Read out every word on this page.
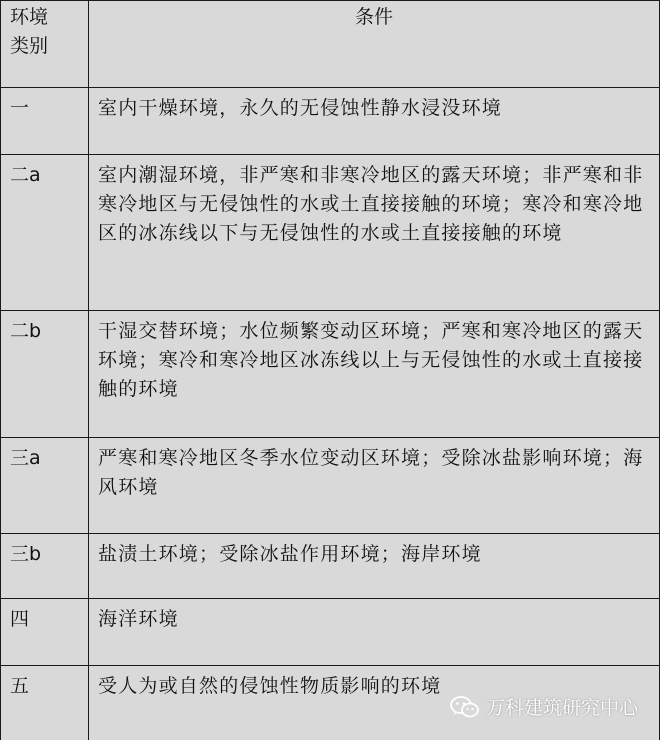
环境
类别	条件
一	室内干燥环境，永久的无侵蚀性静水浸没环境
二a	室内潮湿环境，非严寒和非寒冷地区的露天环境；非严寒和非寒冷地区与无侵蚀性的水或土直接接触的环境；寒冷和寒冷地区的冰冻线以下与无侵蚀性的水或土直接接触的环境
二b	干湿交替环境；水位频繁变动区环境；严寒和寒冷地区的露天环境；寒冷和寒冷地区冰冻线以上与无侵蚀性的水或土直接接触的环境
三a	严寒和寒冷地区冬季水位变动区环境；受除冰盐影响环境；海风环境
三b	盐渍土环境；受除冰盐作用环境；海岸环境
四	海洋环境
五	受人为或自然的侵蚀性物质影响的环境
万科建筑研究中心
